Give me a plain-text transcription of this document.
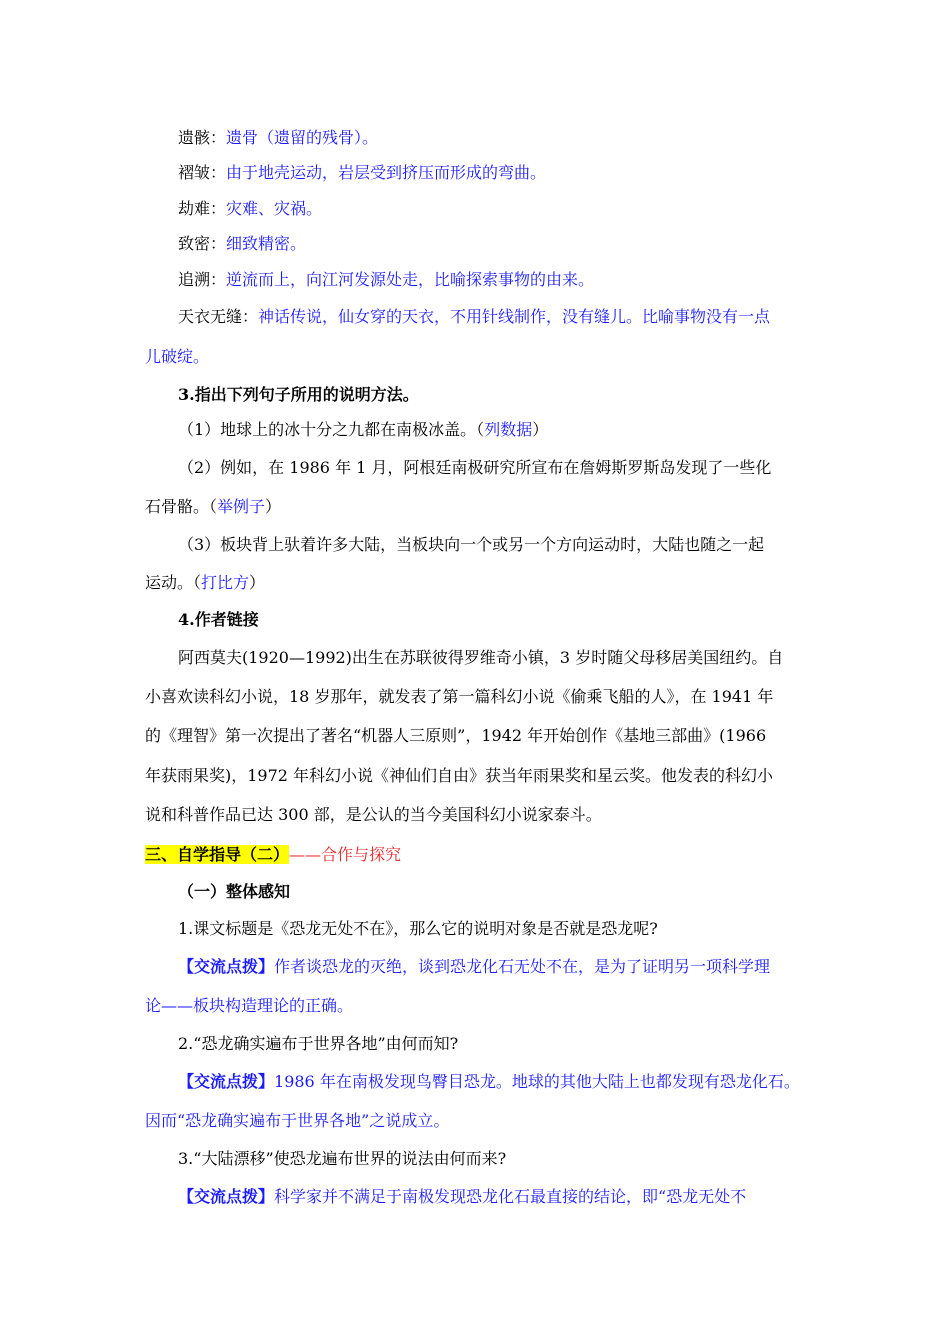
遗骸：遗骨（遗留的残骨）。
褶皱：由于地壳运动，岩层受到挤压而形成的弯曲。
劫难：灾难、灾祸。
致密：细致精密。
追溯：逆流而上，向江河发源处走，比喻探索事物的由来。
天衣无缝：神话传说，仙女穿的天衣，不用针线制作，没有缝儿。比喻事物没有一点
儿破绽。
3.指出下列句子所用的说明方法。
（1）地球上的冰十分之九都在南极冰盖。（列数据）
（2）例如，在 1986 年 1 月，阿根廷南极研究所宣布在詹姆斯罗斯岛发现了一些化
石骨骼。（举例子）
（3）板块背上驮着许多大陆，当板块向一个或另一个方向运动时，大陆也随之一起
运动。（打比方）
4.作者链接
阿西莫夫(1920—1992)出生在苏联彼得罗维奇小镇，3 岁时随父母移居美国纽约。自
小喜欢读科幻小说，18 岁那年，就发表了第一篇科幻小说《偷乘飞船的人》，在 1941 年
的《理智》第一次提出了著名“机器人三原则”，1942 年开始创作《基地三部曲》(1966
年获雨果奖)，1972 年科幻小说《神仙们自由》获当年雨果奖和星云奖。他发表的科幻小
说和科普作品已达 300 部，是公认的当今美国科幻小说家泰斗。
三、自学指导（二）——合作与探究
（一）整体感知
1.课文标题是《恐龙无处不在》，那么它的说明对象是否就是恐龙呢?
【交流点拨】作者谈恐龙的灭绝，谈到恐龙化石无处不在，是为了证明另一项科学理
论——板块构造理论的正确。
2.“恐龙确实遍布于世界各地”由何而知?
【交流点拨】1986 年在南极发现鸟臀目恐龙。地球的其他大陆上也都发现有恐龙化石。
因而“恐龙确实遍布于世界各地”之说成立。
3.“大陆漂移”使恐龙遍布世界的说法由何而来?
【交流点拨】科学家并不满足于南极发现恐龙化石最直接的结论，即“恐龙无处不
